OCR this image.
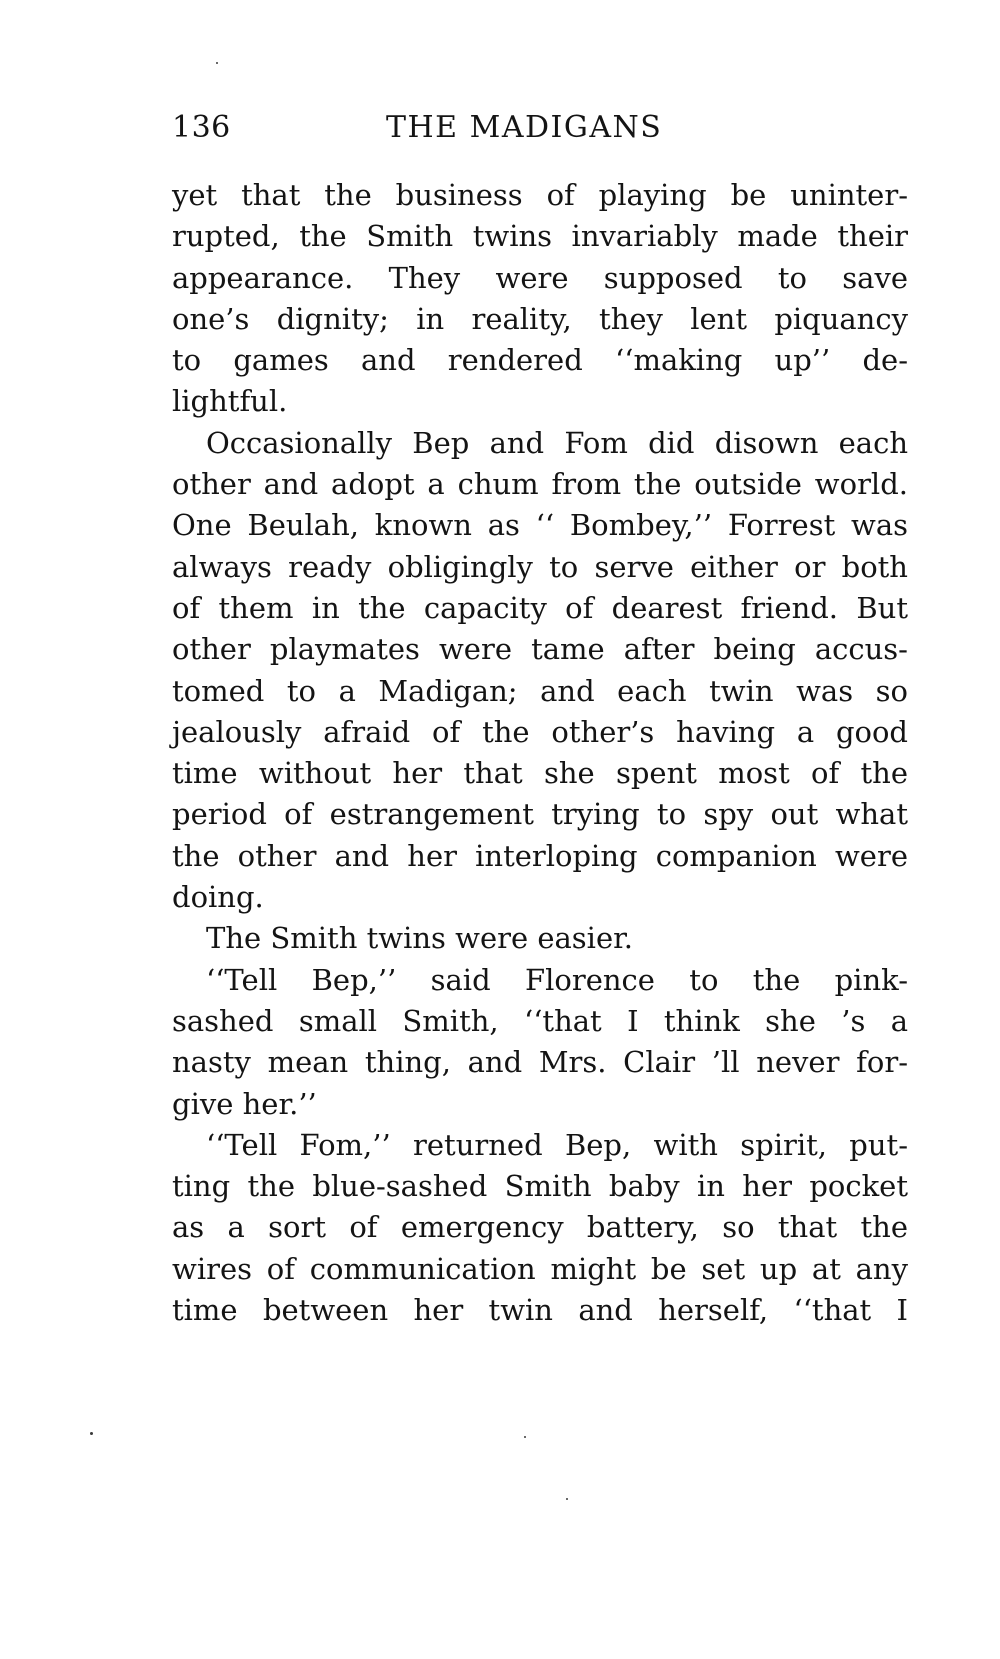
136	THE MADIGANS
yet that the business of playing be uninter-
rupted, the Smith twins invariably made their
appearance. They were supposed to save
one’s dignity; in reality, they lent piquancy
to games and rendered ‘‘making up’’ de-
lightful.
Occasionally Bep and Fom did disown each
other and adopt a chum from the outside world.
One Beulah, known as ‘‘ Bombey,’’ Forrest was
always ready obligingly to serve either or both
of them in the capacity of dearest friend. But
other playmates were tame after being accus-
tomed to a Madigan; and each twin was so
jealously afraid of the other’s having a good
time without her that she spent most of the
period of estrangement trying to spy out what
the other and her interloping companion were
doing.
The Smith twins were easier.
‘‘Tell Bep,’’ said Florence to the pink-
sashed small Smith, ‘‘that I think she ’s a
nasty mean thing, and Mrs. Clair ’ll never for-
give her.’’
‘‘Tell Fom,’’ returned Bep, with spirit, put-
ting the blue-sashed Smith baby in her pocket
as a sort of emergency battery, so that the
wires of communication might be set up at any
time between her twin and herself, ‘‘that I
